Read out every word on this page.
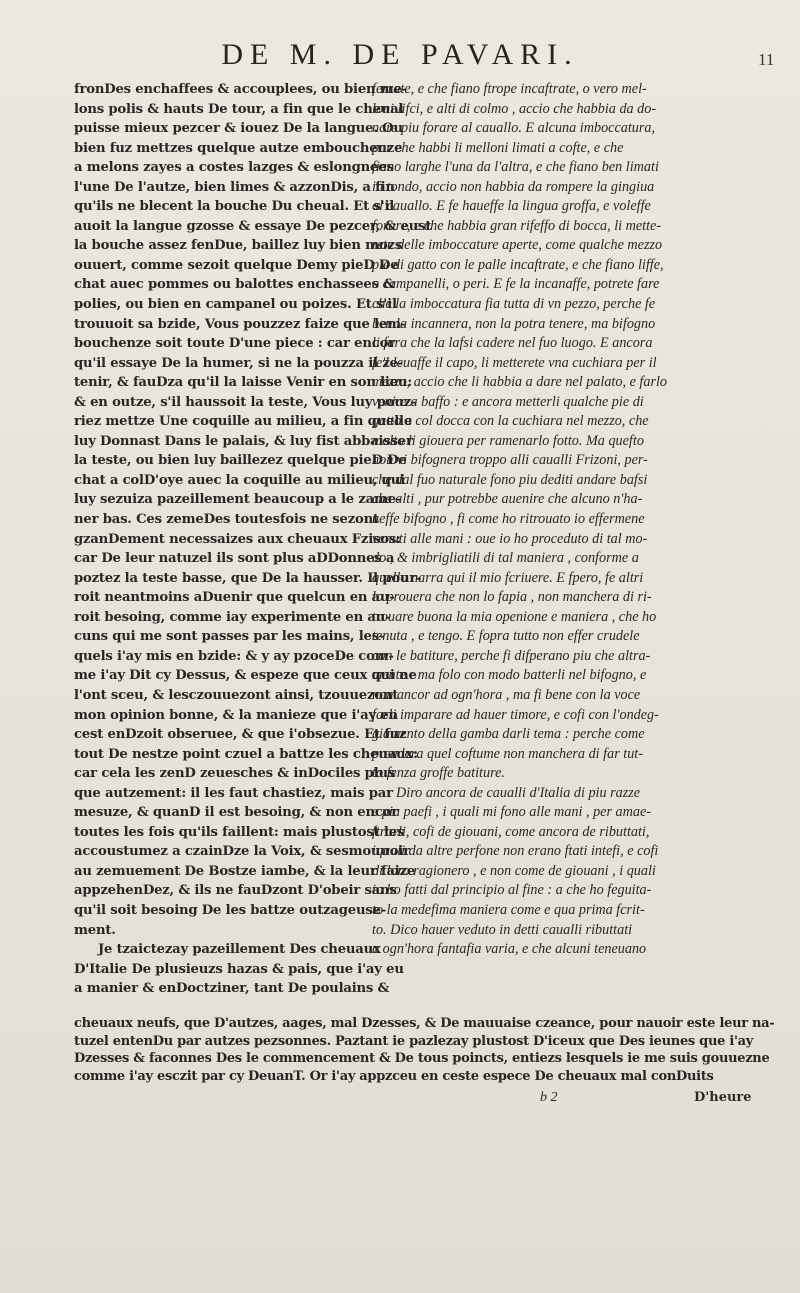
DE M. DE PAVARI.	11

fronDes enchaffees & accouplees, ou bien me-

lons polis & hauts De tour, a fin que le cheual

puisse mieux pezcer & iouez De la langue. Ou

bien fuz mettzes quelque autze embouchenze

a melons zayes a costes lazges & eslongnees

l'une De l'autze, bien limes & azzonDis, a fin

qu'ils ne blecent la bouche Du cheual. Et s'il

auoit la langue gzosse & essaye De pezcer, & eust

la bouche assez fenDue, baillez luy bien mozs

ouuert, comme sezoit quelque Demy pieD De

chat auec pommes ou balottes enchassees &

polies, ou bien en campanel ou poizes. Et s'il

trouuoit sa bzide, Vous pouzzez faize que lem-

bouchenze soit toute D'une piece : car encor

qu'il essaye De la humer, si ne la pouzza il ze-

tenir, & fauDza qu'il la laisse Venir en son lieu:

& en outze, s'il haussoit la teste, Vous luy pouz-

riez mettze Une coquille au milieu, a fin quelle

luy Donnast Dans le palais, & luy fist abbaisser

la teste, ou bien luy baillezez quelque pieD De

chat a colD'oye auec la coquille au milieu, qui

luy sezuiza pazeillement beaucoup a le zame-

ner bas. Ces zemeDes toutesfois ne sezont

gzanDement necessaizes aux cheuaux Fzisos:

car De leur natuzel ils sont plus aDDonnes a

poztez la teste basse, que De la hausser. Il pour-

roit neantmoins aDuenir que quelcun en au-

roit besoing, comme iay experimente en au-

cuns qui me sont passes par les mains, les-

quels i'ay mis en bzide: & y ay pzoceDe com-

me i'ay Dit cy Dessus, & espeze que ceux qui ne

l'ont sceu, & lesczouuezont ainsi, tzouuezont

mon opinion bonne, & la manieze que i'ay en

cest enDzoit obseruee, & que i'obsezue. Et fuz

tout De nestze point czuel a battze les cheuaux:

car cela les zenD zeuesches & inDociles plus

que autzement: il les faut chastiez, mais par

mesuze, & quanD il est besoing, & non encor

toutes les fois qu'ils faillent: mais plustost les

accoustumez a czainDze la Voix, & sesmouuoir

au zemuement De Bostze iambe, & la leur faize

appzehenDez, & ils ne fauDzont D'obeir sans

qu'il soit besoing De les battze outzageuse-

ment.

Je tzaictezay pazeillement Des cheuaux

D'Italie De plusieuzs hazas & pais, que i'ay eu

a manier & enDoctziner, tant De poulains &

ferrate, e che fiano ftrope incaftrate, o vero mel-

loni lifci, e alti di colmo , accio che habbia da do-

nare piu forare al cauallo. E alcuna imboccatura,

pur che habbi li melloni limati a cofte, e che

fiano larghe l'una da l'altra, e che fiano ben limati

in tondo, accio non habbia da rompere la gingiua

al cauallo. E fe haueffe la lingua groffa, e voleffe

forare, e che habbia gran rifeffo di bocca, li mette-

rete delle imboccature aperte, come qualche mezzo

pie di gatto con le palle incaftrate, e che fiano liffe,

o campanelli, o peri. E fe la incanaffe, potrete fare

che la imboccatura fia tutta di vn pezzo, perche fe

ben la incannera, non la potra tenere, ma bifogno

li fara che la lafsi cadere nel fuo luogo. E ancora

fe'l leuaffe il capo, li metterete vna cuchiara per il

mezzo, accio che li habbia a dare nel palato, e farlo

venire a baffo : e ancora metterli qualche pie di

gatto a col docca con la cuchiara nel mezzo, che

molto li giouera per ramenarlo fotto. Ma quefto

non vi bifognera troppo alli caualli Frizoni, per-

che dal fuo naturale fono piu dediti andare bafsi

che alti , pur potrebbe auenire che alcuno n'ha-

ueffe bifogno , fi come ho ritrouato io effermene

venuti alle mani : oue io ho proceduto di tal mo-

do , & imbrigliatili di tal maniera , conforme a

quello narra qui il mio fcriuere. E fpero, fe altri

lo prouera che non lo fapia , non manchera di ri-

trouare buona la mia openione e maniera , che ho

tenuta , e tengo. E fopra tutto non effer crudele

con le batiture, perche fi difperano piu che altra-

mente : ma folo con modo batterli nel bifogno, e

non ancor ad ogn'hora , ma fi bene con la voce

farli imparare ad hauer timore, e cofi con l'ondeg-

giamento della gamba darli tema : perche come

prendera quel coftume non manchera di far tut-

to fenza groffe batiture.

Diro ancora de caualli d'Italia di piu razze

e piu paefi , i quali mi fono alle mani , per amae-

ftrarli, cofi de giouani, come ancora de ributtati,

iquali da altre perfone non erano ftati intefi, e cofi

di loro ragionero , e non come de giouani , i quali

io ho fatti dal principio al fine : a che ho feguita-

to la medefima maniera come e qua prima fcrit-

to. Dico hauer veduto in detti caualli ributtati

a ogn'hora fantafia varia, e che alcuni teneuano

cheuaux neufs, que D'autzes, aages, mal Dzesses, & De mauuaise czeance, pour nauoir este leur na-

tuzel entenDu par autzes pezsonnes. Paztant ie pazlezay plustost D'iceux que Des ieunes que i'ay

Dzesses & faconnes Des le commencement & De tous poincts, entiezs lesquels ie me suis gouuezne

comme i'ay esczit par cy DeuanT. Or i'ay appzceu en ceste espece De cheuaux mal conDuits

b 2	D'heure
